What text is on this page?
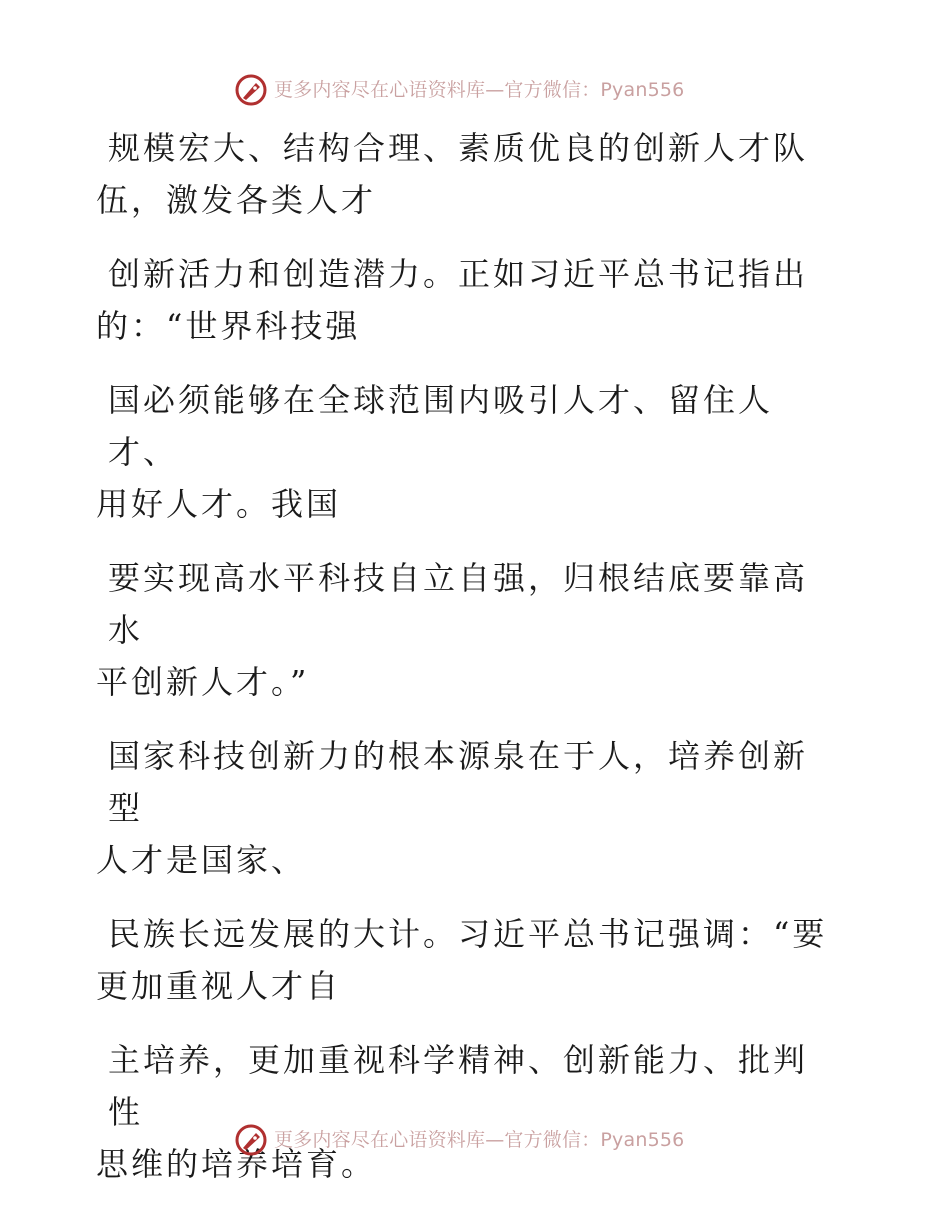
更多内容尽在心语资料库—官方微信：Pyan556

规模宏大、结构合理、素质优良的创新人才队
伍，激发各类人才

创新活力和创造潜力。正如习近平总书记指出
的：“世界科技强

国必须能够在全球范围内吸引人才、留住人才、
用好人才。我国

要实现高水平科技自立自强，归根结底要靠高水
平创新人才。”

国家科技创新力的根本源泉在于人，培养创新型
人才是国家、

民族长远发展的大计。习近平总书记强调：“要
更加重视人才自

主培养，更加重视科学精神、创新能力、批判性
思维的培养培育。

更多内容尽在心语资料库—官方微信：Pyan556
